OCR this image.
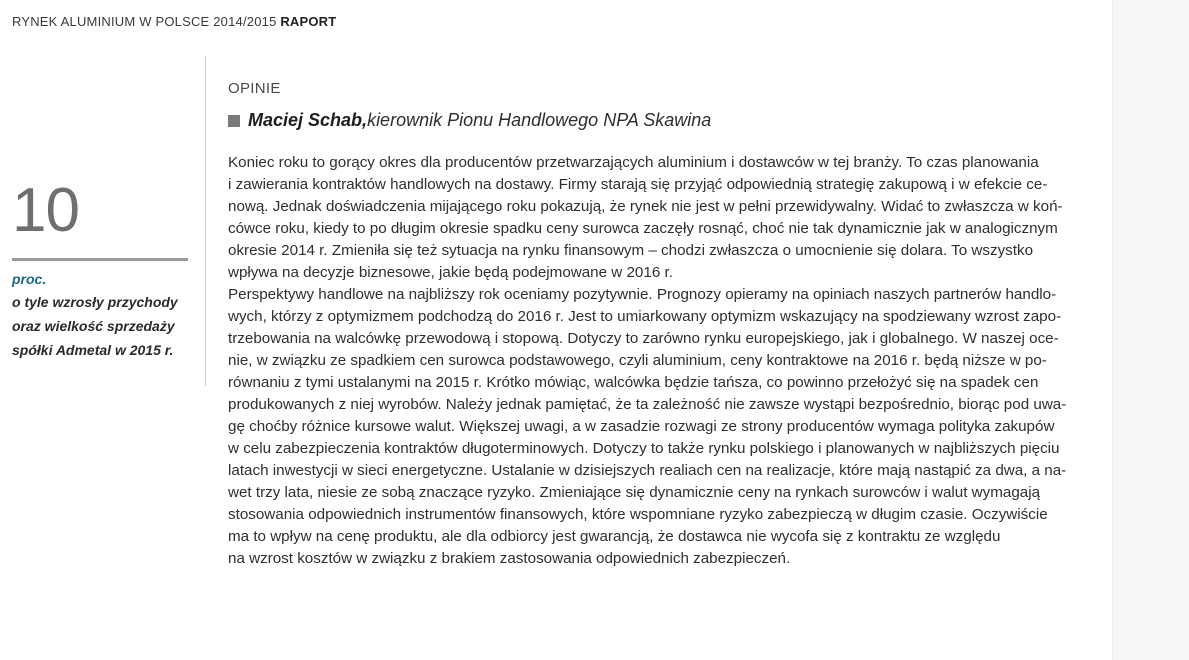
RYNEK ALUMINIUM W POLSCE 2014/2015 RAPORT
10
proc.
o tyle wzrosły przychody
oraz wielkość sprzedaży
spółki Admetal w 2015 r.
OPINIE
Maciej Schab, kierownik Pionu Handlowego NPA Skawina
Koniec roku to gorący okres dla producentów przetwarzających aluminium i dostawców w tej branży. To czas planowania
i zawierania kontraktów handlowych na dostawy. Firmy starają się przyjąć odpowiednią strategię zakupową i w efekcie ce-
nową. Jednak doświadczenia mijającego roku pokazują, że rynek nie jest w pełni przewidywalny. Widać to zwłaszcza w koń-
cówce roku, kiedy to po długim okresie spadku ceny surowca zaczęły rosnąć, choć nie tak dynamicznie jak w analogicznym
okresie 2014 r. Zmieniła się też sytuacja na rynku finansowym – chodzi zwłaszcza o umocnienie się dolara. To wszystko
wpływa na decyzje biznesowe, jakie będą podejmowane w 2016 r.
Perspektywy handlowe na najbliższy rok oceniamy pozytywnie. Prognozy opieramy na opiniach naszych partnerów handlo-
wych, którzy z optymizmem podchodzą do 2016 r. Jest to umiarkowany optymizm wskazujący na spodziewany wzrost zapo-
trzebowania na walcówkę przewodową i stopową. Dotyczy to zarówno rynku europejskiego, jak i globalnego. W naszej oce-
nie, w związku ze spadkiem cen surowca podstawowego, czyli aluminium, ceny kontraktowe na 2016 r. będą niższe w po-
równaniu z tymi ustalanymi na 2015 r. Krótko mówiąc, walcówka będzie tańsza, co powinno przełożyć się na spadek cen
produkowanych z niej wyrobów. Należy jednak pamiętać, że ta zależność nie zawsze wystąpi bezpośrednio, biorąc pod uwa-
gę choćby różnice kursowe walut. Większej uwagi, a w zasadzie rozwagi ze strony producentów wymaga polityka zakupów
w celu zabezpieczenia kontraktów długoterminowych. Dotyczy to także rynku polskiego i planowanych w najbliższych pięciu
latach inwestycji w sieci energetyczne. Ustalanie w dzisiejszych realiach cen na realizacje, które mają nastąpić za dwa, a na-
wet trzy lata, niesie ze sobą znaczące ryzyko. Zmieniające się dynamicznie ceny na rynkach surowców i walut wymagają
stosowania odpowiednich instrumentów finansowych, które wspomniane ryzyko zabezpieczą w długim czasie. Oczywiście
ma to wpływ na cenę produktu, ale dla odbiorcy jest gwarancją, że dostawca nie wycofa się z kontraktu ze względu
na wzrost kosztów w związku z brakiem zastosowania odpowiednich zabezpieczeń.
